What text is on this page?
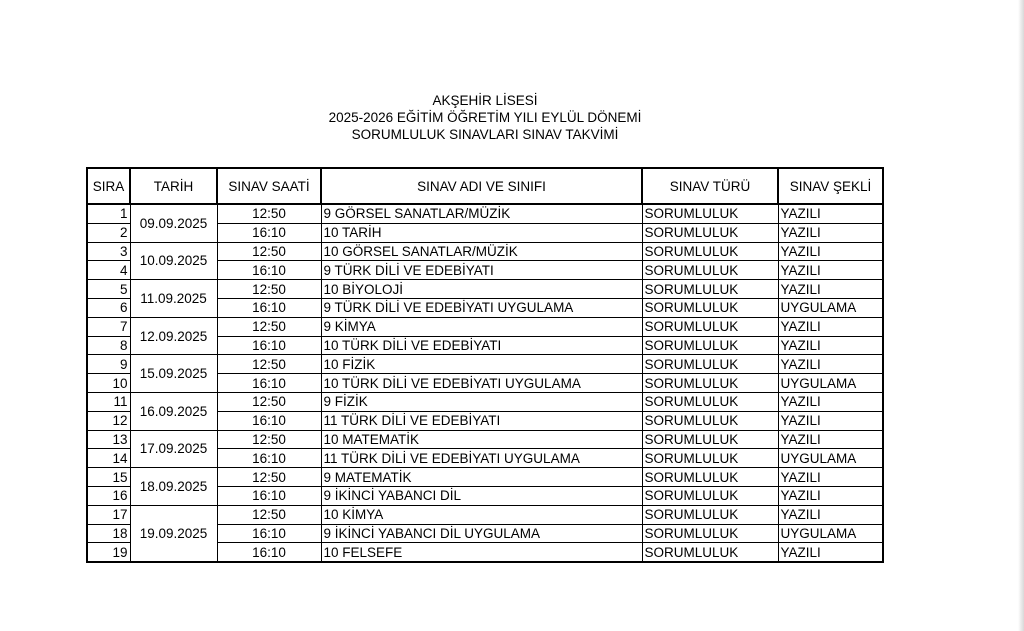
AKŞEHİR LİSESİ
2025-2026 EĞİTİM ÖĞRETİM YILI EYLÜL DÖNEMİ
SORUMLULUK SINAVLARI SINAV TAKVİMİ
SIRA	TARİH	SINAV SAATİ	SINAV ADI VE SINIFI	SINAV TÜRÜ	SINAV ŞEKLİ
1	09.09.2025	12:50	9 GÖRSEL SANATLAR/MÜZİK	SORUMLULUK	YAZILI
2		16:10	10 TARİH	SORUMLULUK	YAZILI
3	10.09.2025	12:50	10 GÖRSEL SANATLAR/MÜZİK	SORUMLULUK	YAZILI
4		16:10	9 TÜRK DİLİ VE EDEBİYATI	SORUMLULUK	YAZILI
5	11.09.2025	12:50	10 BİYOLOJİ	SORUMLULUK	YAZILI
6		16:10	9 TÜRK DİLİ VE EDEBİYATI UYGULAMA	SORUMLULUK	UYGULAMA
7	12.09.2025	12:50	9 KİMYA	SORUMLULUK	YAZILI
8		16:10	10 TÜRK DİLİ VE EDEBİYATI	SORUMLULUK	YAZILI
9	15.09.2025	12:50	10 FİZİK	SORUMLULUK	YAZILI
10		16:10	10 TÜRK DİLİ VE EDEBİYATI UYGULAMA	SORUMLULUK	UYGULAMA
11	16.09.2025	12:50	9 FİZİK	SORUMLULUK	YAZILI
12		16:10	11 TÜRK DİLİ VE EDEBİYATI	SORUMLULUK	YAZILI
13	17.09.2025	12:50	10 MATEMATİK	SORUMLULUK	YAZILI
14		16:10	11 TÜRK DİLİ VE EDEBİYATI UYGULAMA	SORUMLULUK	UYGULAMA
15	18.09.2025	12:50	9 MATEMATİK	SORUMLULUK	YAZILI
16		16:10	9 İKİNCİ YABANCI DİL	SORUMLULUK	YAZILI
17	19.09.2025	12:50	10 KİMYA	SORUMLULUK	YAZILI
18		16:10	9 İKİNCİ YABANCI DİL UYGULAMA	SORUMLULUK	UYGULAMA
19		16:10	10 FELSEFE	SORUMLULUK	YAZILI
